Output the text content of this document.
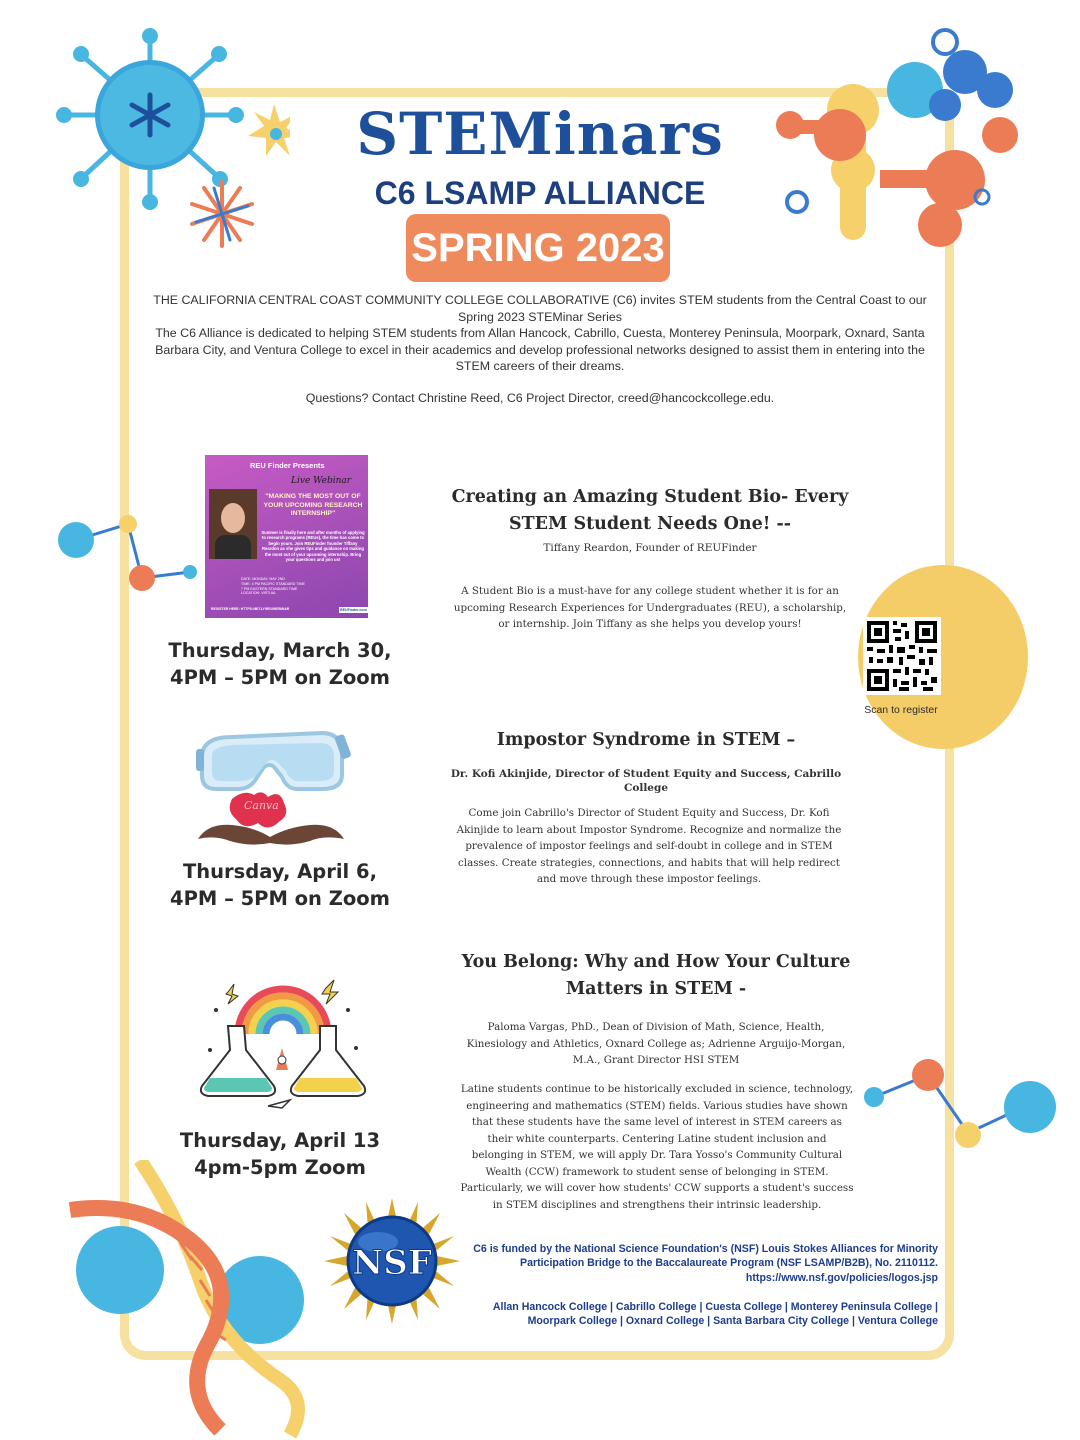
STEMinars
C6 LSAMP ALLIANCE
SPRING 2023

THE CALIFORNIA CENTRAL COAST COMMUNITY COLLEGE COLLABORATIVE (C6) invites STEM students from the Central Coast to our Spring 2023 STEMinar Series

The C6 Alliance is dedicated to helping STEM students from Allan Hancock, Cabrillo, Cuesta, Monterey Peninsula, Moorpark, Oxnard, Santa Barbara City, and Ventura College to excel in their academics and develop professional networks designed to assist them in entering into the STEM careers of their dreams.

Questions? Contact Christine Reed, C6 Project Director, creed@hancockcollege.edu.
REU Finder Presents
Live Webinar
"MAKING THE MOST OUT OF YOUR UPCOMING RESEARCH INTERNSHIP"
Summer is finally here and after months of applying to research programs (REUs), the time has come to begin yours. Join REUFinder founder Tiffany Reardon as she gives tips and guidance on making the most out of your upcoming internship. Bring your questions and join us!
DATE: MONDAY, MAY 2ND
TIME: 4 PM PACIFIC STANDARD TIME
7 PM EASTERN STANDARD TIME
LOCATION: VIRTUAL
REGISTER HERE: HTTPS://BIT.LY/REUWEBINAR	REUFinder.com
Thursday, March 30,
4PM – 5PM on Zoom
Creating an Amazing Student Bio- Every
STEM Student Needs One! --
Tiffany Reardon, Founder of REUFinder
A Student Bio is a must-have for any college student whether it is for an upcoming Research Experiences for Undergraduates (REU), a scholarship, or internship. Join Tiffany as she helps you develop yours!
Scan to register
Canva
Thursday, April 6,
4PM – 5PM on Zoom
Impostor Syndrome in STEM –
Dr. Kofi Akinjide, Director of Student Equity and Success, Cabrillo College
Come join Cabrillo's Director of Student Equity and Success, Dr. Kofi Akinjide to learn about Impostor Syndrome. Recognize and normalize the prevalence of impostor feelings and self-doubt in college and in STEM classes. Create strategies, connections, and habits that will help redirect and move through these impostor feelings.
Thursday, April 13
4pm-5pm Zoom
You Belong: Why and How Your Culture
Matters in STEM -
Paloma Vargas, PhD., Dean of Division of Math, Science, Health, Kinesiology and Athletics, Oxnard College as; Adrienne Arguijo-Morgan, M.A., Grant Director HSI STEM
Latine students continue to be historically excluded in science, technology, engineering and mathematics (STEM) fields. Various studies have shown that these students have the same level of interest in STEM careers as their white counterparts. Centering Latine student inclusion and belonging in STEM, we will apply Dr. Tara Yosso's Community Cultural Wealth (CCW) framework to student sense of belonging in STEM. Particularly, we will cover how students' CCW supports a student's success in STEM disciplines and strengthens their intrinsic leadership.
NSF	C6 is funded by the National Science Foundation's (NSF) Louis Stokes Alliances for Minority Participation Bridge to the Baccalaureate Program (NSF LSAMP/B2B), No. 2110112. https://www.nsf.gov/policies/logos.jsp
Allan Hancock College | Cabrillo College | Cuesta College | Monterey Peninsula College | Moorpark College | Oxnard College | Santa Barbara City College | Ventura College
